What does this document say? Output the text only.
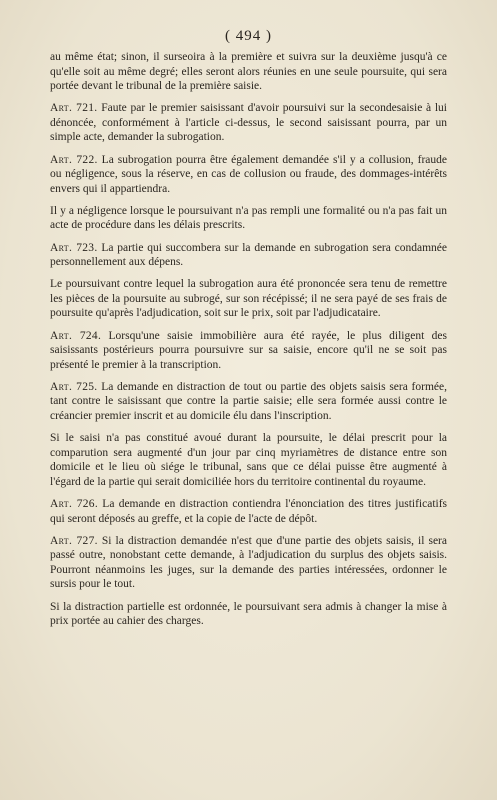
( 494 )

au même état; sinon, il surseoira à la première et suivra sur la deuxième jusqu'à ce qu'elle soit au même degré; elles seront alors réunies en une seule poursuite, qui sera portée devant le tribunal de la première saisie.

Art. 721. Faute par le premier saisissant d'avoir poursuivi sur la secondesaisie à lui dénoncée, conformément à l'article ci-dessus, le second saisissant pourra, par un simple acte, demander la subrogation.

Art. 722. La subrogation pourra être également demandée s'il y a collusion, fraude ou négligence, sous la réserve, en cas de collusion ou fraude, des dommages-intérêts envers qui il appartiendra.

Il y a négligence lorsque le poursuivant n'a pas rempli une formalité ou n'a pas fait un acte de procédure dans les délais prescrits.

Art. 723. La partie qui succombera sur la demande en subrogation sera condamnée personnellement aux dépens.

Le poursuivant contre lequel la subrogation aura été prononcée sera tenu de remettre les pièces de la poursuite au subrogé, sur son récépissé; il ne sera payé de ses frais de poursuite qu'après l'adjudication, soit sur le prix, soit par l'adjudicataire.

Art. 724. Lorsqu'une saisie immobilière aura été rayée, le plus diligent des saisissants postérieurs pourra poursuivre sur sa saisie, encore qu'il ne se soit pas présenté le premier à la transcription.

Art. 725. La demande en distraction de tout ou partie des objets saisis sera formée, tant contre le saisissant que contre la partie saisie; elle sera formée aussi contre le créancier premier inscrit et au domicile élu dans l'inscription.

Si le saisi n'a pas constitué avoué durant la poursuite, le délai prescrit pour la comparution sera augmenté d'un jour par cinq myriamètres de distance entre son domicile et le lieu où siége le tribunal, sans que ce délai puisse être augmenté à l'égard de la partie qui serait domiciliée hors du territoire continental du royaume.

Art. 726. La demande en distraction contiendra l'énonciation des titres justificatifs qui seront déposés au greffe, et la copie de l'acte de dépôt.

Art. 727. Si la distraction demandée n'est que d'une partie des objets saisis, il sera passé outre, nonobstant cette demande, à l'adjudication du surplus des objets saisis. Pourront néanmoins les juges, sur la demande des parties intéressées, ordonner le sursis pour le tout.

Si la distraction partielle est ordonnée, le poursuivant sera admis à changer la mise à prix portée au cahier des charges.
